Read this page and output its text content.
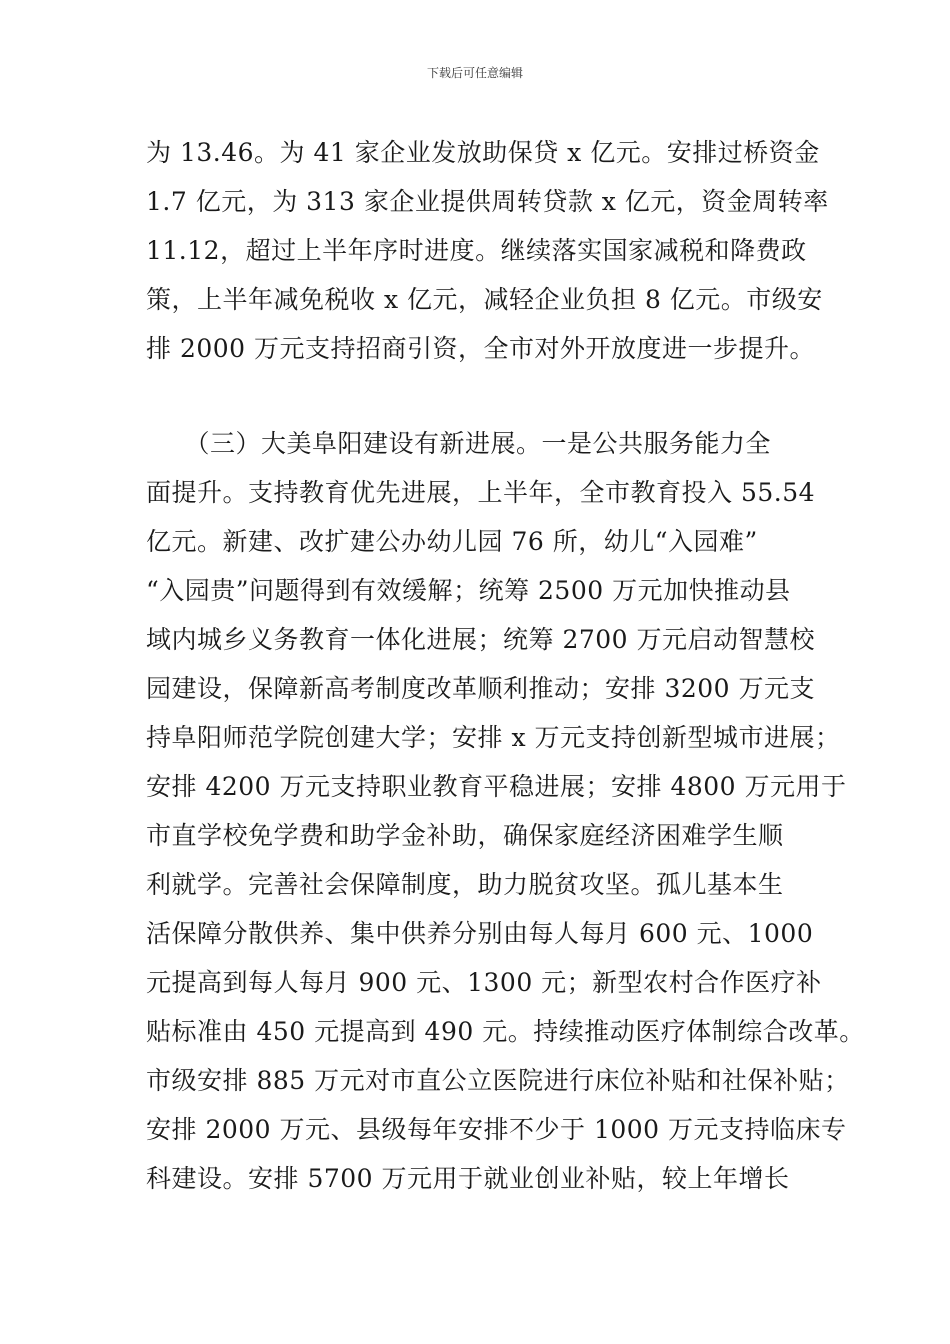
下载后可任意编辑
为 13.46。为 41 家企业发放助保贷 x 亿元。安排过桥资金
1.7 亿元，为 313 家企业提供周转贷款 x 亿元，资金周转率
11.12，超过上半年序时进度。继续落实国家减税和降费政
策，上半年减免税收 x 亿元，减轻企业负担 8 亿元。市级安
排 2000 万元支持招商引资，全市对外开放度进一步提升。
　　（三）大美阜阳建设有新进展。一是公共服务能力全
面提升。支持教育优先进展，上半年，全市教育投入 55.54
亿元。新建、改扩建公办幼儿园 76 所，幼儿“入园难”
“入园贵”问题得到有效缓解；统筹 2500 万元加快推动县
域内城乡义务教育一体化进展；统筹 2700 万元启动智慧校
园建设，保障新高考制度改革顺利推动；安排 3200 万元支
持阜阳师范学院创建大学；安排 x 万元支持创新型城市进展；
安排 4200 万元支持职业教育平稳进展；安排 4800 万元用于
市直学校免学费和助学金补助，确保家庭经济困难学生顺
利就学。完善社会保障制度，助力脱贫攻坚。孤儿基本生
活保障分散供养、集中供养分别由每人每月 600 元、1000
元提高到每人每月 900 元、1300 元；新型农村合作医疗补
贴标准由 450 元提高到 490 元。持续推动医疗体制综合改革。
市级安排 885 万元对市直公立医院进行床位补贴和社保补贴；
安排 2000 万元、县级每年安排不少于 1000 万元支持临床专
科建设。安排 5700 万元用于就业创业补贴，较上年增长
